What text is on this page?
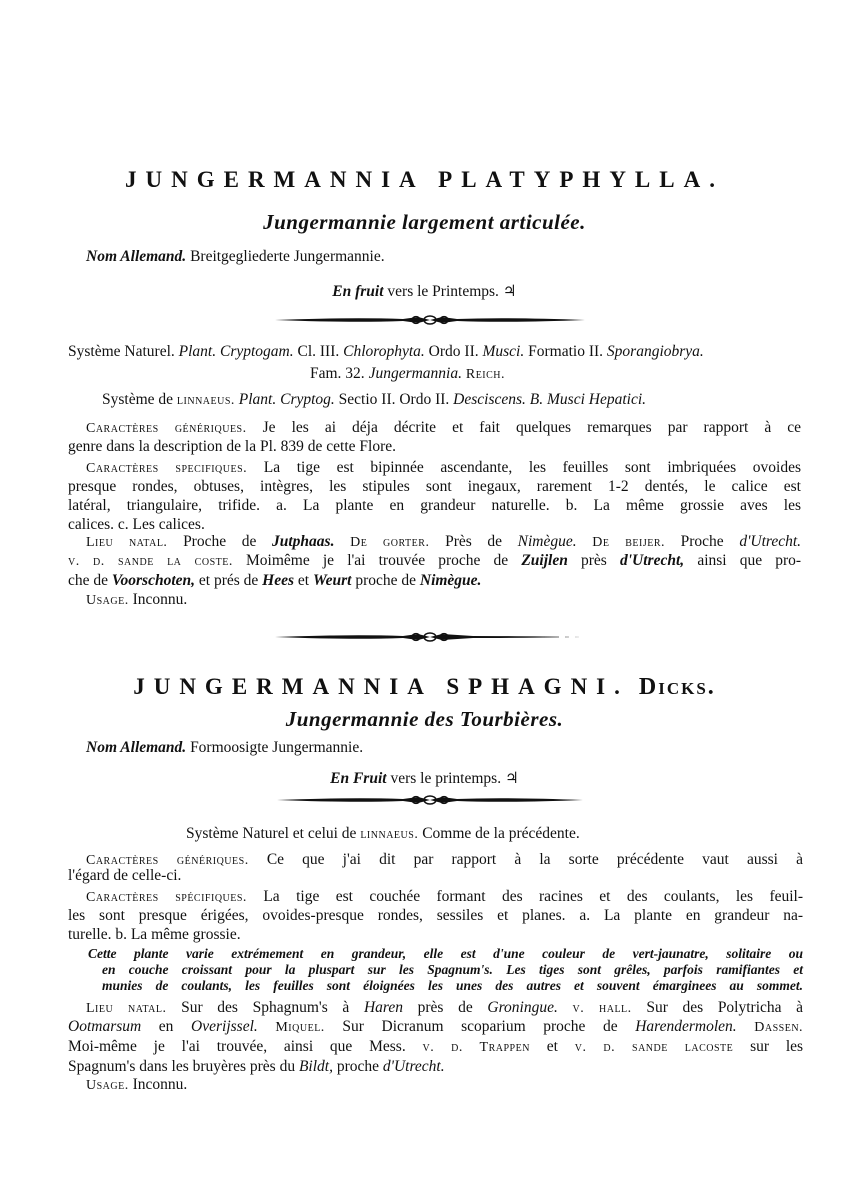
JUNGERMANNIA PLATYPHYLLA.
Jungermannie largement articulée.
Nom Allemand. Breitgegliederte Jungermannie.
En fruit vers le Printemps. ♃
Système Naturel. Plant. Cryptogam. Cl. III. Chlorophyta. Ordo II. Musci. Formatio II. Sporangiobrya.
Fam. 32. Jungermannia. Reich.
Système de linnaeus. Plant. Cryptog. Sectio II. Ordo II. Desciscens. B. Musci Hepatici.
Caractères génériques. Je les ai déja décrite et fait quelques remarques par rapport à ce
genre dans la description de la Pl. 839 de cette Flore.
Caractères specifiques. La tige est bipinnée ascendante, les feuilles sont imbriquées ovoides
presque rondes, obtuses, intègres, les stipules sont inegaux, rarement 1-2 dentés, le calice est
latéral, triangulaire, trifide. a. La plante en grandeur naturelle. b. La même grossie aves les
calices. c. Les calices.
Lieu natal. Proche de Jutphaas. De gorter. Près de Nimègue. De beijer. Proche d'Utrecht.
v. d. sande la coste. Moimême je l'ai trouvée proche de Zuijlen près d'Utrecht, ainsi que pro-
che de Voorschoten, et prés de Hees et Weurt proche de Nimègue.
Usage. Inconnu.
JUNGERMANNIA SPHAGNI. Dicks.
Jungermannie des Tourbières.
Nom Allemand. Formoosigte Jungermannie.
En Fruit vers le printemps. ♃
Système Naturel et celui de linnaeus. Comme de la précédente.
Caractères génériques. Ce que j'ai dit par rapport à la sorte précédente vaut aussi à
l'égard de celle-ci.
Caractères spécifiques. La tige est couchée formant des racines et des coulants, les feuil-
les sont presque érigées, ovoides-presque rondes, sessiles et planes. a. La plante en grandeur na-
turelle. b. La même grossie.
Cette plante varie extrémement en grandeur, elle est d'une couleur de vert-jaunatre, solitaire ou
en couche croissant pour la pluspart sur les Spagnum's. Les tiges sont grêles, parfois ramifiantes et
munies de coulants, les feuilles sont éloignées les unes des autres et souvent émarginees au sommet.
Lieu natal. Sur des Sphagnum's à Haren près de Groningue. v. hall. Sur des Polytricha à
Ootmarsum en Overijssel. Miquel. Sur Dicranum scoparium proche de Harendermolen. Dassen.
Moi-même je l'ai trouvée, ainsi que Mess. v. d. Trappen et v. d. sande lacoste sur les
Spagnum's dans les bruyères près du Bildt, proche d'Utrecht.
Usage. Inconnu.
